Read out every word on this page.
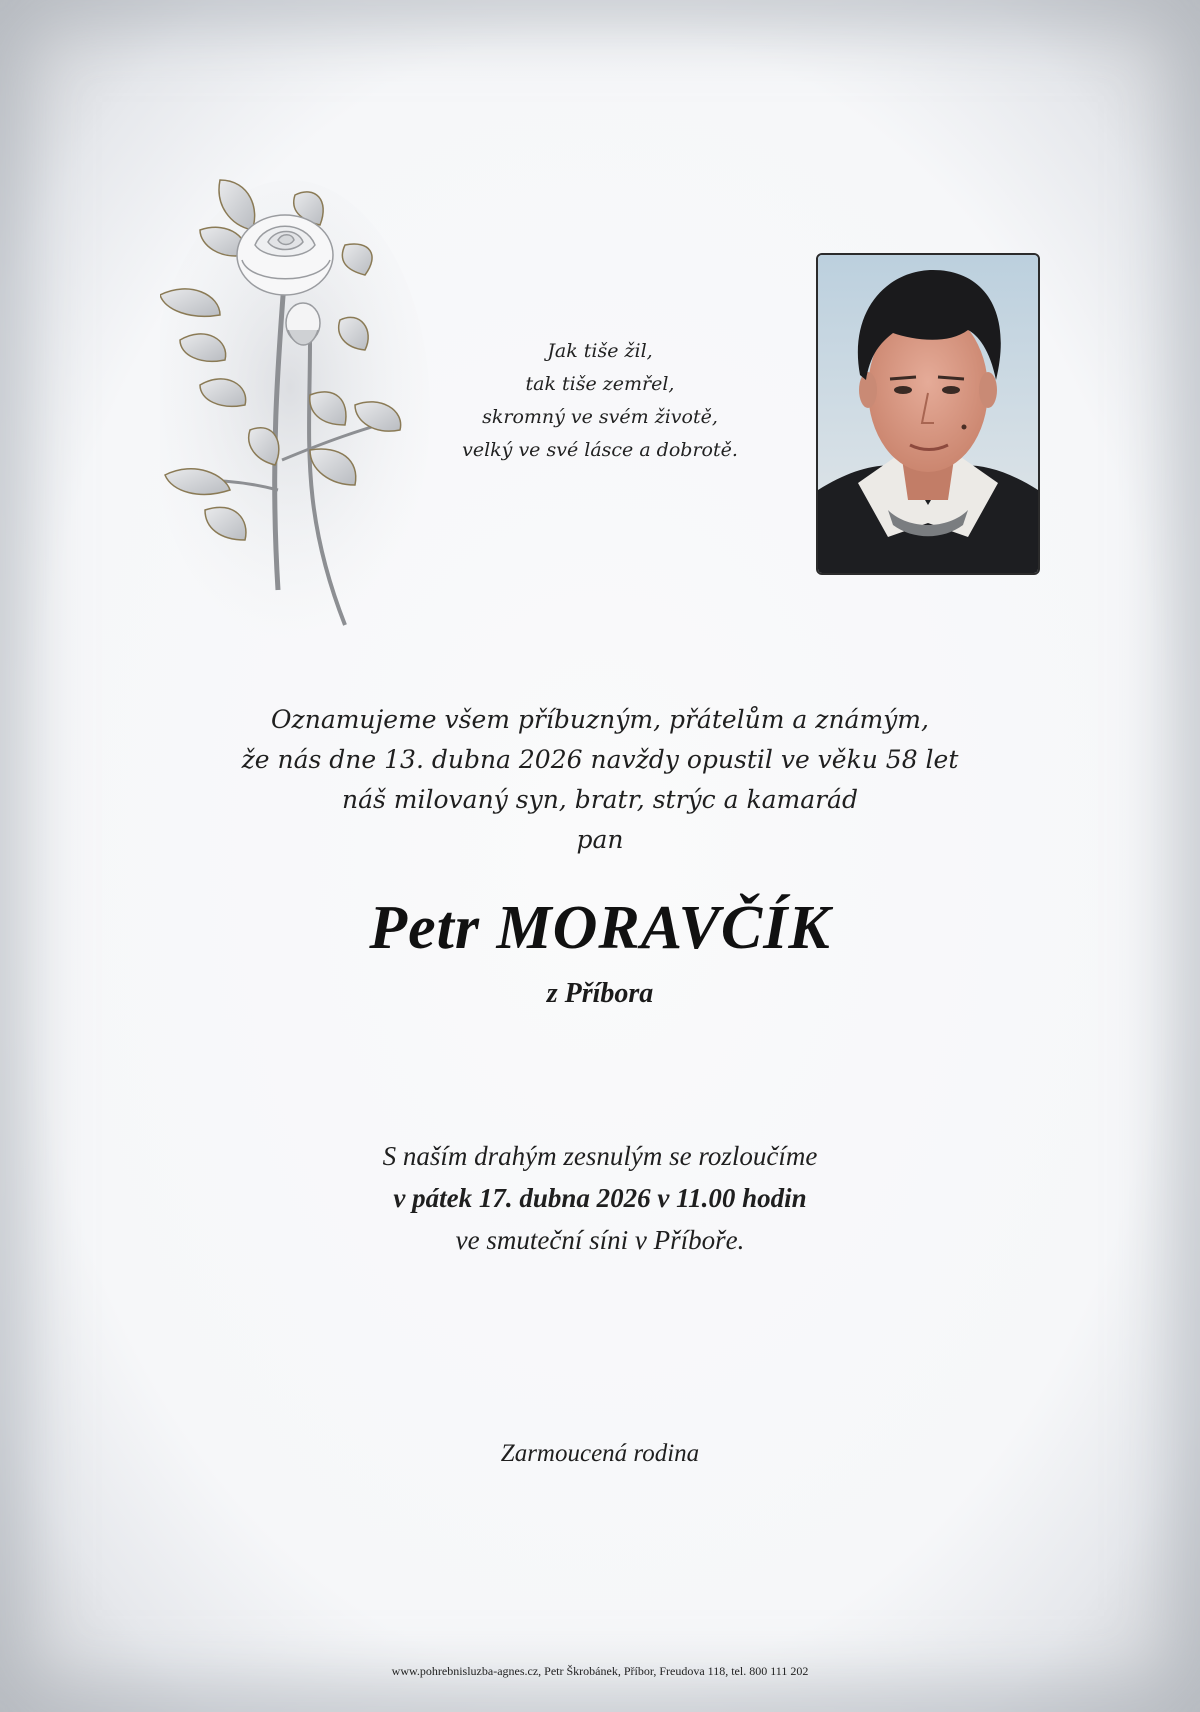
Jak tiše žil,
tak tiše zemřel,
skromný ve svém životě,
velký ve své lásce a dobrotě.
Oznamujeme všem příbuzným, přátelům a známým,
že nás dne 13. dubna 2026 navždy opustil ve věku 58 let
náš milovaný syn, bratr, strýc a kamarád
pan
Petr MORAVČÍK
z Příbora
S naším drahým zesnulým se rozloučíme
v pátek 17. dubna 2026 v 11.00 hodin
ve smuteční síni v Příboře.
Zarmoucená rodina
www.pohrebnisluzba-agnes.cz, Petr Škrobánek, Příbor, Freudova 118, tel. 800 111 202
